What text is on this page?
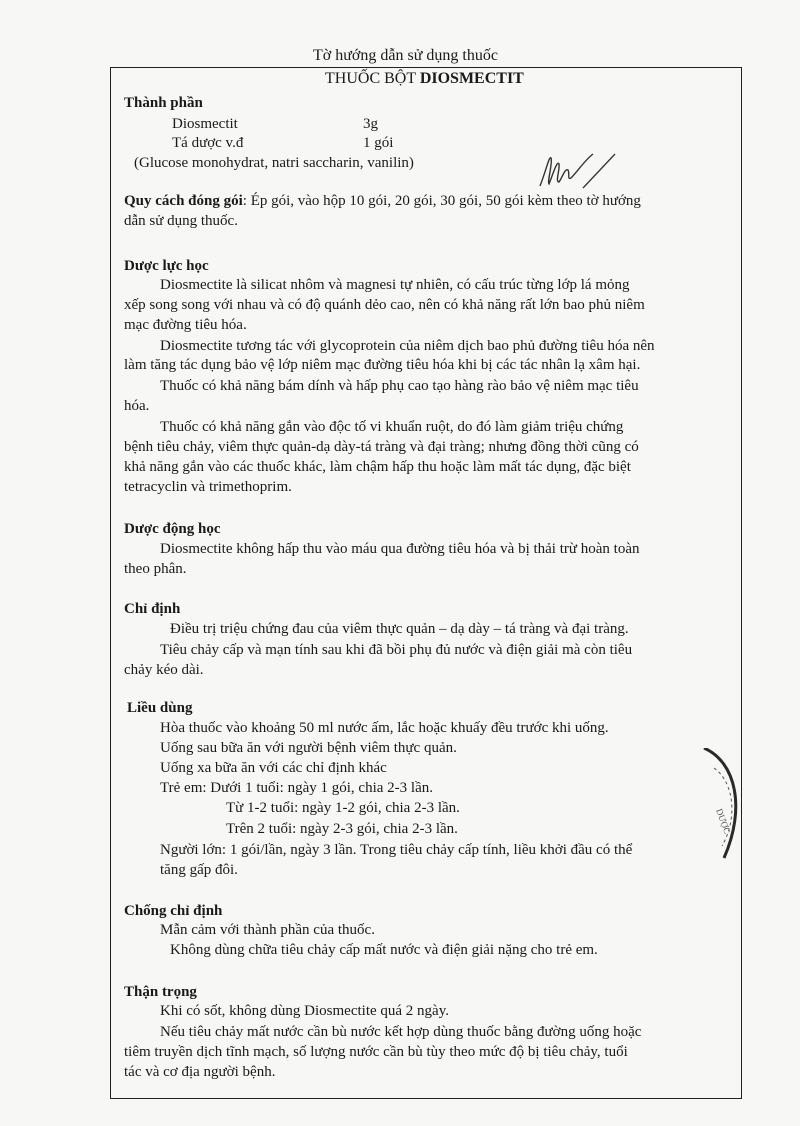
Tờ hướng dẫn sử dụng thuốc
THUỐC BỘT DIOSMECTIT
Thành phần
Diosmectit	3g
Tá dược v.đ	1 gói
(Glucose monohydrat, natri saccharin, vanilin)
Quy cách đóng gói: Ép gói, vào hộp 10 gói, 20 gói, 30 gói, 50 gói kèm theo tờ hướng
dẫn sử dụng thuốc.
Dược lực học
Diosmectite là silicat nhôm và magnesi tự nhiên, có cấu trúc từng lớp lá mỏng
xếp song song với nhau và có độ quánh dẻo cao, nên có khả năng rất lớn bao phủ niêm
mạc đường tiêu hóa.
Diosmectite tương tác với glycoprotein của niêm dịch bao phủ đường tiêu hóa nên
làm tăng tác dụng bảo vệ lớp niêm mạc đường tiêu hóa khi bị các tác nhân lạ xâm hại.
Thuốc có khả năng bám dính và hấp phụ cao tạo hàng rào bảo vệ niêm mạc tiêu
hóa.
Thuốc có khả năng gắn vào độc tố vi khuẩn ruột, do đó làm giảm triệu chứng
bệnh tiêu chảy, viêm thực quản-dạ dày-tá tràng và đại tràng; nhưng đồng thời cũng có
khả năng gắn vào các thuốc khác, làm chậm hấp thu hoặc làm mất tác dụng, đặc biệt
tetracyclin và trimethoprim.
Dược động học
Diosmectite không hấp thu vào máu qua đường tiêu hóa và bị thải trừ hoàn toàn
theo phân.
Chỉ định
Điều trị triệu chứng đau của viêm thực quản – dạ dày – tá tràng và đại tràng.
Tiêu chảy cấp và mạn tính sau khi đã bồi phụ đủ nước và điện giải mà còn tiêu
chảy kéo dài.
Liều dùng
Hòa thuốc vào khoảng 50 ml nước ấm, lắc hoặc khuấy đều trước khi uống.
Uống sau bữa ăn với người bệnh viêm thực quản.
Uống xa bữa ăn với các chỉ định khác
Trẻ em: Dưới 1 tuổi: ngày 1 gói, chia 2-3 lần.
Từ 1-2 tuổi: ngày 1-2 gói, chia 2-3 lần.
Trên 2 tuổi: ngày 2-3 gói, chia 2-3 lần.
Người lớn: 1 gói/lần, ngày 3 lần. Trong tiêu chảy cấp tính, liều khởi đầu có thể
tăng gấp đôi.
DƯỢC
Chống chỉ định
Mẫn cảm với thành phần của thuốc.
Không dùng chữa tiêu chảy cấp mất nước và điện giải nặng cho trẻ em.
Thận trọng
Khi có sốt, không dùng Diosmectite quá 2 ngày.
Nếu tiêu chảy mất nước cần bù nước kết hợp dùng thuốc bằng đường uống hoặc
tiêm truyền dịch tĩnh mạch, số lượng nước cần bù tùy theo mức độ bị tiêu chảy, tuổi
tác và cơ địa người bệnh.
